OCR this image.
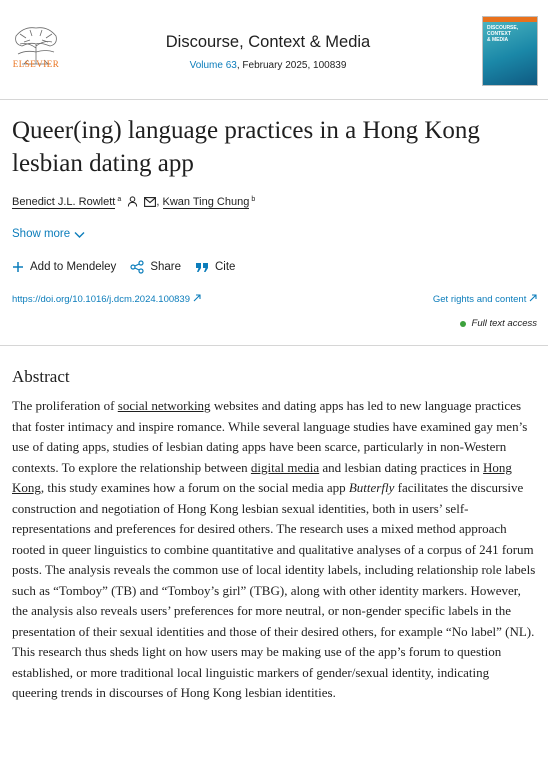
ELSEVIER
Discourse, Context & Media
Volume 63, February 2025, 100839
DISCOURSE,
CONTEXT
& MEDIA
Queer(ing) language practices in a Hong Kong lesbian dating app
Benedict J.L. Rowlett $^a$	, Kwan Ting Chung $^b$
Show more
Add to Mendeley	Share	Cite
https://doi.org/10.1016/j.dcm.2024.100839	Get rights and content
Full text access
Abstract
The proliferation of social networking websites and dating apps has led to new language practices that foster intimacy and inspire romance. While several language studies have examined gay men’s use of dating apps, studies of lesbian dating apps have been scarce, particularly in non-Western contexts. To explore the relationship between digital media and lesbian dating practices in Hong Kong, this study examines how a forum on the social media app Butterfly facilitates the discursive construction and negotiation of Hong Kong lesbian sexual identities, both in users’ self-representations and preferences for desired others. The research uses a mixed method approach rooted in queer linguistics to combine quantitative and qualitative analyses of a corpus of 241 forum posts. The analysis reveals the common use of local identity labels, including relationship role labels such as “Tomboy” (TB) and “Tomboy’s girl” (TBG), along with other identity markers. However, the analysis also reveals users’ preferences for more neutral, or non-gender specific labels in the presentation of their sexual identities and those of their desired others, for example “No label” (NL). This research thus sheds light on how users may be making use of the app’s forum to question established, or more traditional local linguistic markers of gender/sexual identity, indicating queering trends in discourses of Hong Kong lesbian identities.
